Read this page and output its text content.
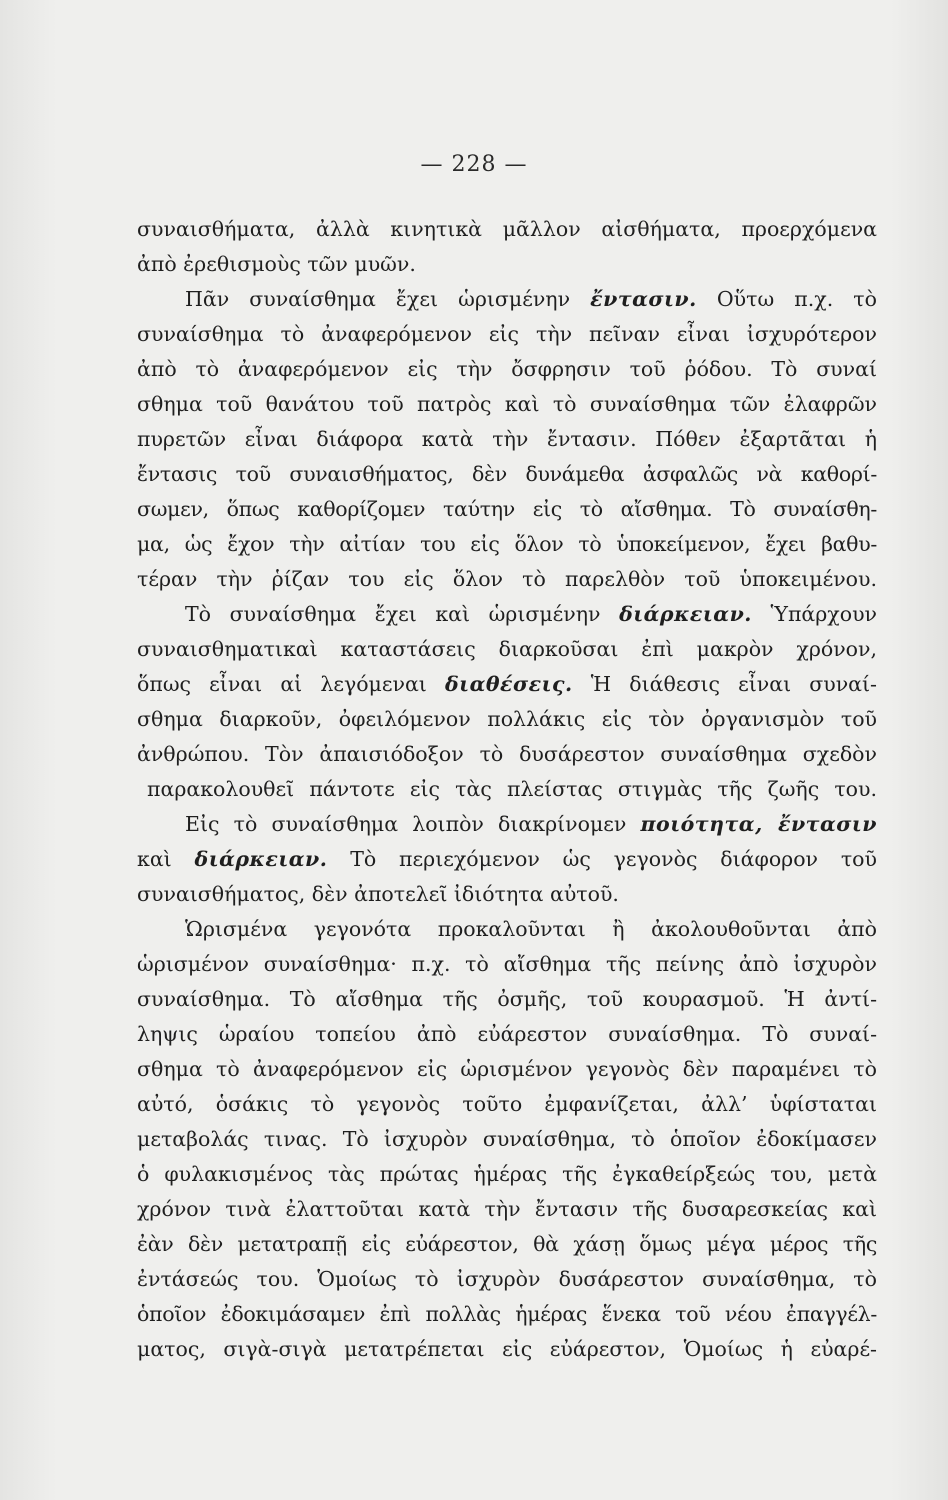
— 228 —
συναισθήματα, ἀλλὰ κινητικὰ μᾶλλον αἰσθήματα, προερχόμενα
ἀπὸ ἐρεθισμοὺς τῶν μυῶν.
Πᾶν συναίσθημα ἔχει ὡρισμένην ἔντασιν. Οὕτω π.χ. τὸ
συναίσθημα τὸ ἀναφερόμενον εἰς τὴν πεῖναν εἶναι ἰσχυρότερον
ἀπὸ τὸ ἀναφερόμενον εἰς τὴν ὄσφρησιν τοῦ ῥόδου. Τὸ συναί
σθημα τοῦ θανάτου τοῦ πατρὸς καὶ τὸ συναίσθημα τῶν ἐλαφρῶν
πυρετῶν εἶναι διάφορα κατὰ τὴν ἔντασιν. Πόθεν ἐξαρτᾶται ἡ
ἔντασις τοῦ συναισθήματος, δὲν δυνάμεθα ἀσφαλῶς νὰ καθορί-
σωμεν, ὅπως καθορίζομεν ταύτην εἰς τὸ αἴσθημα. Τὸ συναίσθη-
μα, ὡς ἔχον τὴν αἰτίαν του εἰς ὅλον τὸ ὑποκείμενον, ἔχει βαθυ-
τέραν τὴν ῥίζαν του εἰς ὅλον τὸ παρελθὸν τοῦ ὑποκειμένου.
Τὸ συναίσθημα ἔχει καὶ ὡρισμένην διάρκειαν. Ὑπάρχουν
συναισθηματικαὶ καταστάσεις διαρκοῦσαι ἐπὶ μακρὸν χρόνον,
ὅπως εἶναι αἱ λεγόμεναι διαθέσεις. Ἡ διάθεσις εἶναι συναί-
σθημα διαρκοῦν, ὀφειλόμενον πολλάκις εἰς τὸν ὀργανισμὸν τοῦ
ἀνθρώπου. Τὸν ἀπαισιόδοξον τὸ δυσάρεστον συναίσθημα σχεδὸν
παρακολουθεῖ πάντοτε εἰς τὰς πλείστας στιγμὰς τῆς ζωῆς του.
Εἰς τὸ συναίσθημα λοιπὸν διακρίνομεν ποιότητα, ἔντασιν
καὶ διάρκειαν. Τὸ περιεχόμενον ὡς γεγονὸς διάφορον τοῦ
συναισθήματος, δὲν ἀποτελεῖ ἰδιότητα αὐτοῦ.
Ὡρισμένα γεγονότα προκαλοῦνται ἢ ἀκολουθοῦνται ἀπὸ
ὡρισμένον συναίσθημα· π.χ. τὸ αἴσθημα τῆς πείνης ἀπὸ ἰσχυρὸν
συναίσθημα. Τὸ αἴσθημα τῆς ὀσμῆς, τοῦ κουρασμοῦ. Ἡ ἀντί-
ληψις ὡραίου τοπείου ἀπὸ εὐάρεστον συναίσθημα. Τὸ συναί-
σθημα τὸ ἀναφερόμενον εἰς ὡρισμένον γεγονὸς δὲν παραμένει τὸ
αὐτό, ὁσάκις τὸ γεγονὸς τοῦτο ἐμφανίζεται, ἀλλ’ ὑφίσταται
μεταβολάς τινας. Τὸ ἰσχυρὸν συναίσθημα, τὸ ὁποῖον ἐδοκίμασεν
ὁ φυλακισμένος τὰς πρώτας ἡμέρας τῆς ἐγκαθείρξεώς του, μετὰ
χρόνον τινὰ ἐλαττοῦται κατὰ τὴν ἔντασιν τῆς δυσαρεσκείας καὶ
ἐὰν δὲν μετατραπῇ εἰς εὐάρεστον, θὰ χάσῃ ὅμως μέγα μέρος τῆς
ἐντάσεώς του. Ὁμοίως τὸ ἰσχυρὸν δυσάρεστον συναίσθημα, τὸ
ὁποῖον ἐδοκιμάσαμεν ἐπὶ πολλὰς ἡμέρας ἕνεκα τοῦ νέου ἐπαγγέλ-
ματος, σιγὰ-σιγὰ μετατρέπεται εἰς εὐάρεστον, Ὁμοίως ἡ εὐαρέ-
